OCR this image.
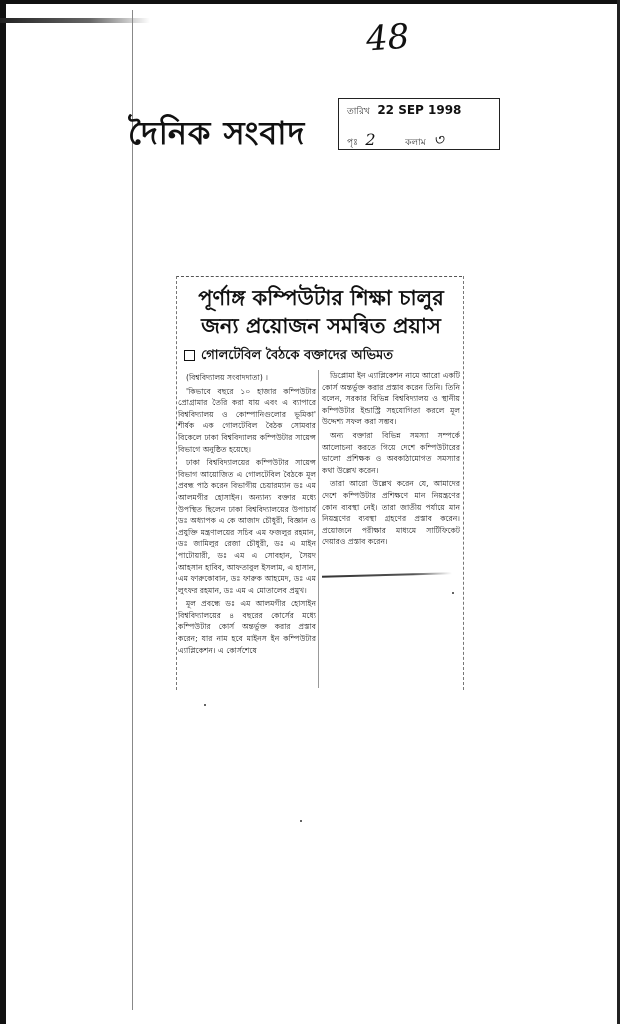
48
দৈনিক সংবাদ
তারিখ 22 SEP 1998
পৃঃ 2	কলাম ৩
পূর্ণাঙ্গ কম্পিউটার শিক্ষা চালুর
জন্য প্রয়োজন সমন্বিত প্রয়াস
গোলটেবিল বৈঠকে বক্তাদের অভিমত

(বিশ্ববিদ্যালয় সংবাদদাতা) ।

'কিভাবে বছরে ১০ হাজার কম্পিউটার প্রোগ্রামার তৈরি করা যায় এবং এ ব্যাপারে বিশ্ববিদ্যালয় ও কোম্পানিগুলোর ভূমিকা' শীর্ষক এক গোলটেবিল বৈঠক সোমবার বিকেলে ঢাকা বিশ্ববিদ্যালয় কম্পিউটার সায়েন্স বিভাগে অনুষ্ঠিত হয়েছে।

ঢাকা বিশ্ববিদ্যালয়ের কম্পিউটার সায়েন্স বিভাগ আয়োজিত এ গোলটেবিল বৈঠকে মূল প্রবন্ধ পাঠ করেন বিভাগীয় চেয়ারম্যান ডঃ এম আলমগীর হোসাইন। অন্যান্য বক্তার মধ্যে উপস্থিত ছিলেন ঢাকা বিশ্ববিদ্যালয়ের উপাচার্য ডঃ অধ্যাপক এ কে আজাদ চৌধুরী, বিজ্ঞান ও প্রযুক্তি মন্ত্রণালয়ের সচিব এম ফজলুর রহমান, ডঃ জামিলুর রেজা চৌধুরী, ডঃ এ মাইন পাটোয়ারী, ডঃ এম এ সোবহান, সৈয়দ আহসান হাবিব, আফতাবুল ইসলাম, এ হাসান, এম ফারুকোবান, ডঃ ফারুক আহমেদ, ডঃ এম লুৎফর রহমান, ডঃ এম এ মোতালেব প্রমুখ।

মূল প্রবন্ধে ডঃ এম আলমগীর হোসাইন বিশ্ববিদ্যালয়ের ৪ বছরের কোর্সের মধ্যে কম্পিউটার কোর্স অন্তর্ভুক্ত করার প্রস্তাব করেন; যার নাম হবে মাইনস ইন কম্পিউটার এ্যাপ্লিকেশন। এ কোর্সশেষে

ডিপ্লোমা ইন এ্যাপ্লিকেশন নামে আরো একটি কোর্স অন্তর্ভুক্ত করার প্রস্তাব করেন তিনি। তিনি বলেন, সরকার বিভিন্ন বিশ্ববিদ্যালয় ও স্থানীয় কম্পিউটার ইন্ডাস্ট্রি সহযোগিতা করলে মূল উদ্দেশ্য সফল করা সম্ভব।

অন্য বক্তারা বিভিন্ন সমস্যা সম্পর্কে আলোচনা করতে গিয়ে দেশে কম্পিউটারের ভালো প্রশিক্ষক ও অবকাঠামোগত সমস্যার কথা উল্লেখ করেন।

তারা আরো উল্লেখ করেন যে, আমাদের দেশে কম্পিউটার প্রশিক্ষণে মান নিয়ন্ত্রণের কোন ব্যবস্থা নেই। তারা জাতীয় পর্যায়ে মান নিয়ন্ত্রণের ব্যবস্থা গ্রহণের প্রস্তাব করেন। প্রয়োজনে পরীক্ষার মাধ্যমে সার্টিফিকেট দেয়ারও প্রস্তাব করেন।
